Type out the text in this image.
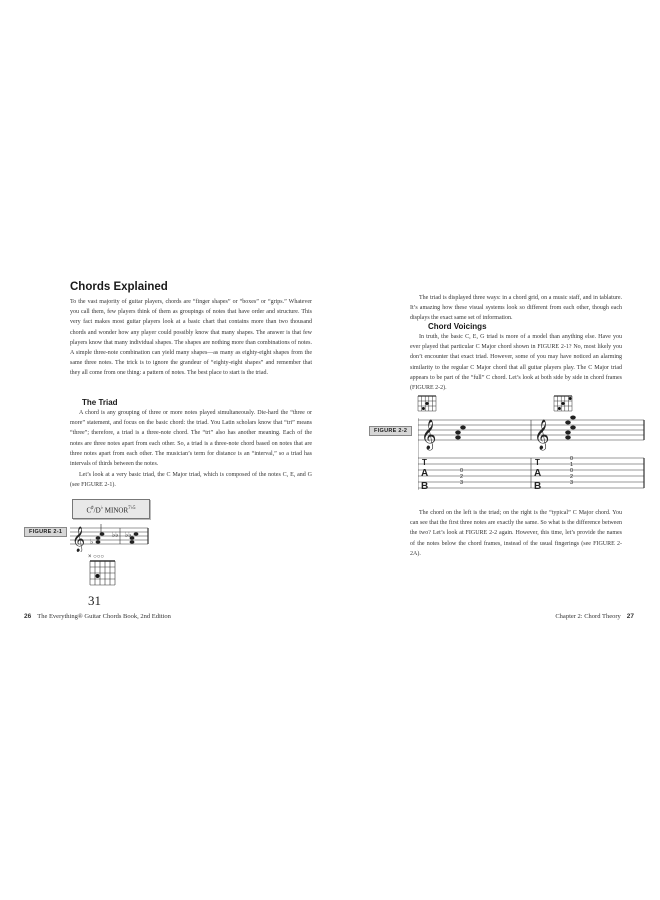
Chords Explained

To the vast majority of guitar players, chords are “finger shapes” or “boxes” or “grips.” Whatever you call them, few players think of them as groupings of notes that have order and structure. This very fact makes most guitar players look at a basic chart that contains more than two thousand chords and wonder how any player could possibly know that many shapes. The answer is that few players know that many individual shapes. The shapes are nothing more than combinations of notes. A simple three-note combination can yield many shapes—as many as eighty-eight shapes from the same three notes. The trick is to ignore the grandeur of “eighty-eight shapes” and remember that they all come from one thing: a pattern of notes. The best place to start is the triad.

The Triad

A chord is any grouping of three or more notes played simultaneously. Die-hard the “three or more” statement, and focus on the basic chord: the triad. You Latin scholars know that “tri” means “three”; therefore, a triad is a three-note chord. The “tri” also has another meaning. Each of the notes are three notes apart from each other. So, a triad is a three-note chord based on notes that are three notes apart from each other. The musician’s term for distance is an “interval,” so a triad has intervals of thirds between the notes.

Let’s look at a very basic triad, the C Major triad, which is composed of the notes C, E, and G (see FIGURE 2-1).

C♯/D♭ $MINOR^{7♭5}$
FIGURE 2-1 𝄞 ♭
♭♭ ♭♭
× ○○○
31
26 The Everything® Guitar Chords Book, 2nd Edition

The triad is displayed three ways: in a chord grid, on a music staff, and in tablature. It’s amazing how these visual systems look so different from each other, though each displays the exact same set of information.

Chord Voicings

In truth, the basic C, E, G triad is more of a model than anything else. Have you ever played that particular C Major chord shown in FIGURE 2-1? No, most likely you don’t encounter that exact triad. However, some of you may have noticed an alarming similarity to the regular C Major chord that all guitar players play. The C Major triad appears to be part of the “full” C chord. Let’s look at both side by side in chord frames (FIGURE 2-2).

FIGURE 2-2 𝄞	𝄞
T
A
B
T
A
B
0
2
3
0
1
0
2
3

The chord on the left is the triad; on the right is the “typical” C Major chord. You can see that the first three notes are exactly the same. So what is the difference between the two? Let’s look at FIGURE 2-2 again. However, this time, let’s provide the names of the notes below the chord frames, instead of the usual fingerings (see FIGURE 2-2A).

Chapter 2: Chord Theory 27
